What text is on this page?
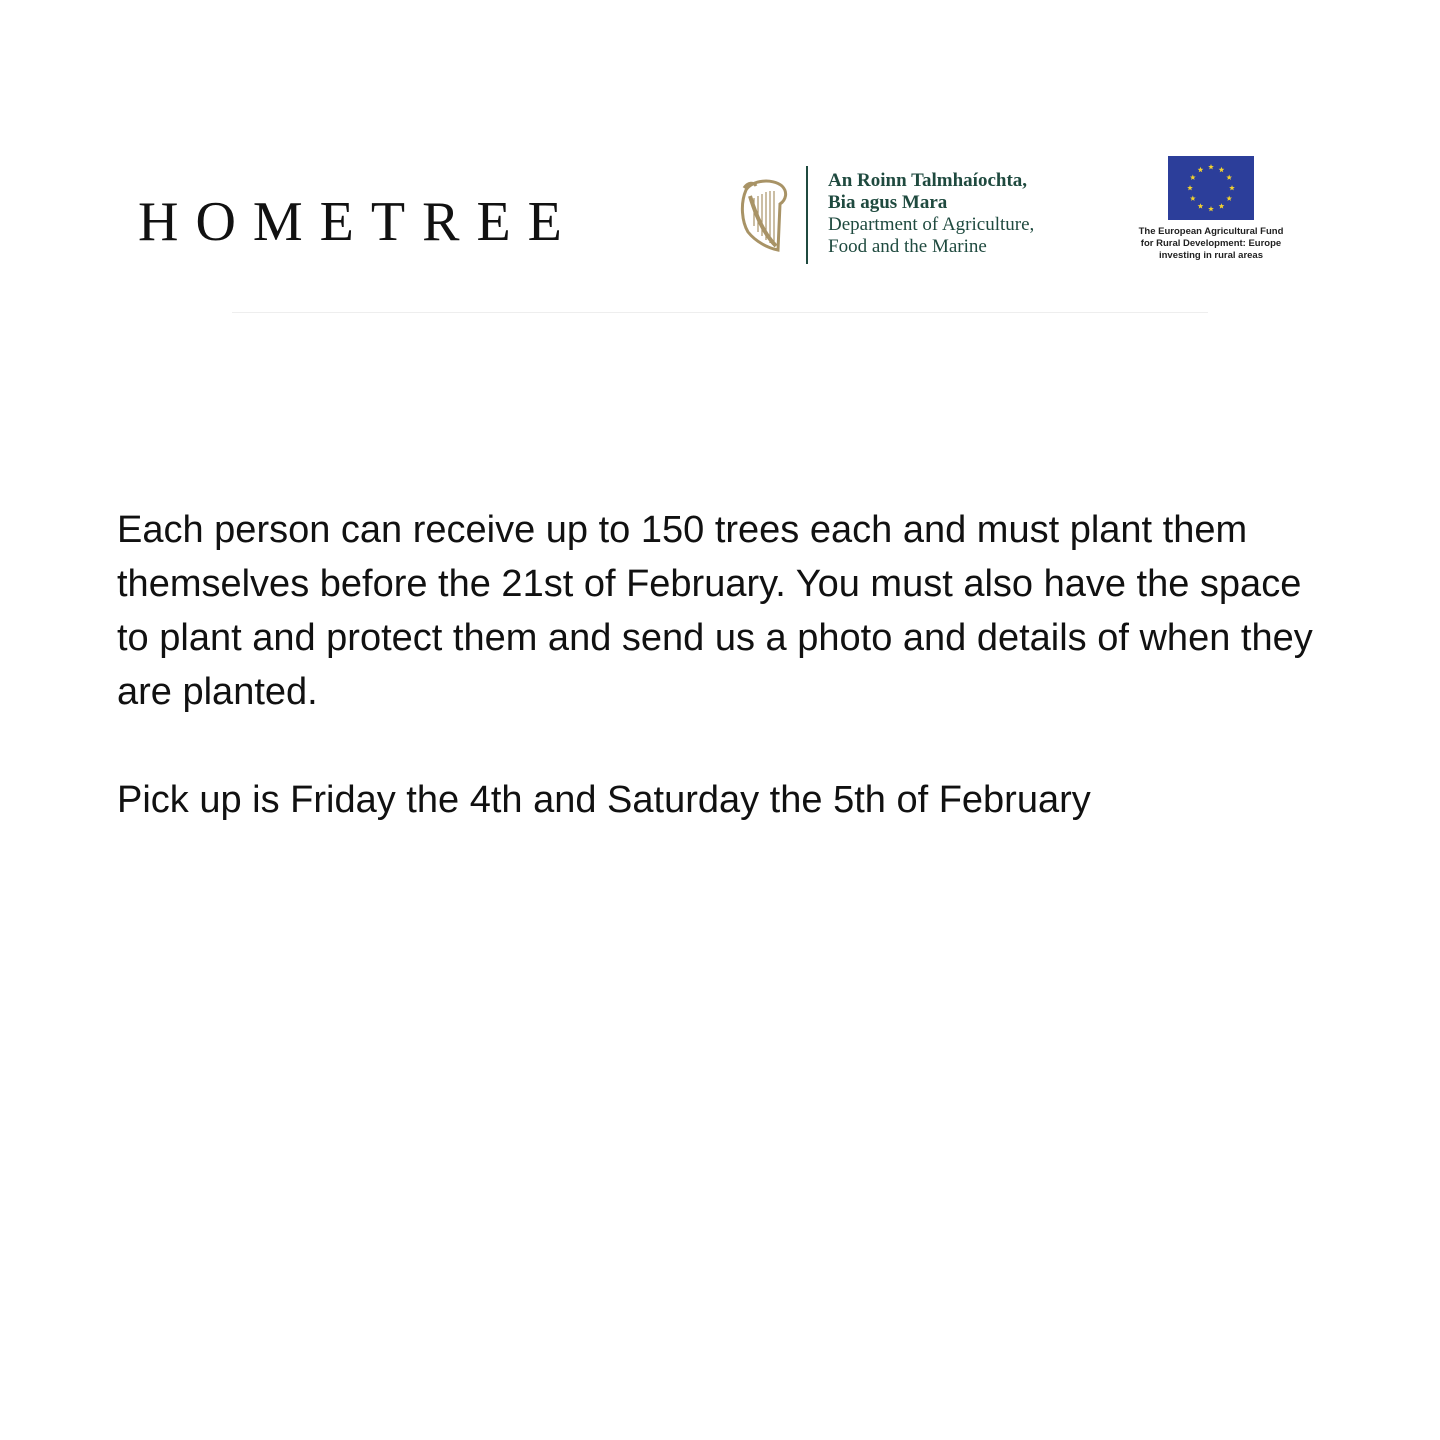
HOMETREE
An Roinn Talmhaíochta,
Bia agus Mara
Department of Agriculture,
Food and the Marine
The European Agricultural Fund
for Rural Development: Europe
investing in rural areas

Each person can receive up to 150 trees each and must plant them themselves before the 21st of February. You must also have the space to plant and protect them and send us a photo and details of when they are planted.

Pick up is Friday the 4th and Saturday the 5th of February
